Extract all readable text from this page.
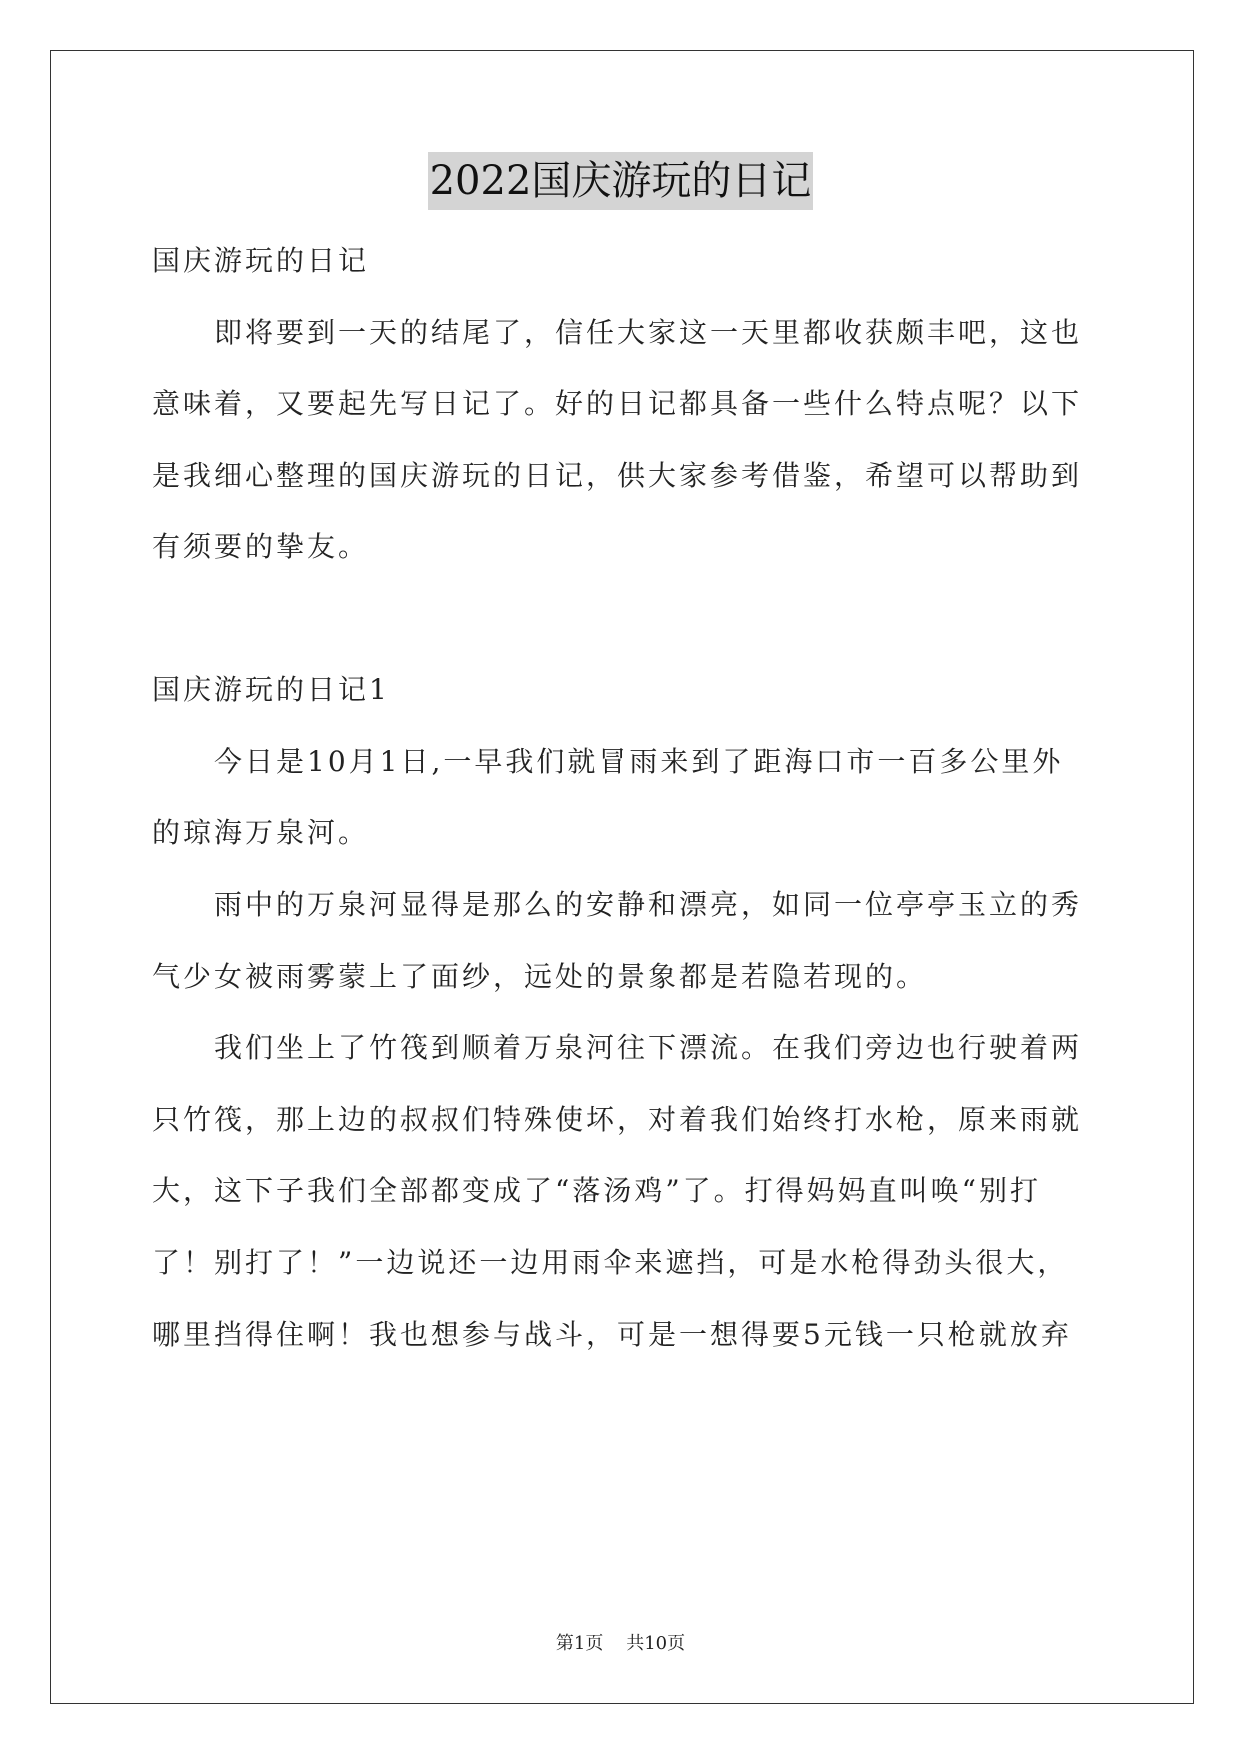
2022国庆游玩的日记
国庆游玩的日记
　　即将要到一天的结尾了，信任大家这一天里都收获颇丰吧，这也
意味着，又要起先写日记了。好的日记都具备一些什么特点呢？以下
是我细心整理的国庆游玩的日记，供大家参考借鉴，希望可以帮助到
有须要的挚友。
国庆游玩的日记1
　　今日是10月1日,一早我们就冒雨来到了距海口市一百多公里外
的琼海万泉河。
　　雨中的万泉河显得是那么的安静和漂亮，如同一位亭亭玉立的秀
气少女被雨雾蒙上了面纱，远处的景象都是若隐若现的。
　　我们坐上了竹筏到顺着万泉河往下漂流。在我们旁边也行驶着两
只竹筏，那上边的叔叔们特殊使坏，对着我们始终打水枪，原来雨就
大，这下子我们全部都变成了“落汤鸡”了。打得妈妈直叫唤“别打
了！别打了！”一边说还一边用雨伞来遮挡，可是水枪得劲头很大，
哪里挡得住啊！我也想参与战斗，可是一想得要5元钱一只枪就放弃
第1页 共10页
